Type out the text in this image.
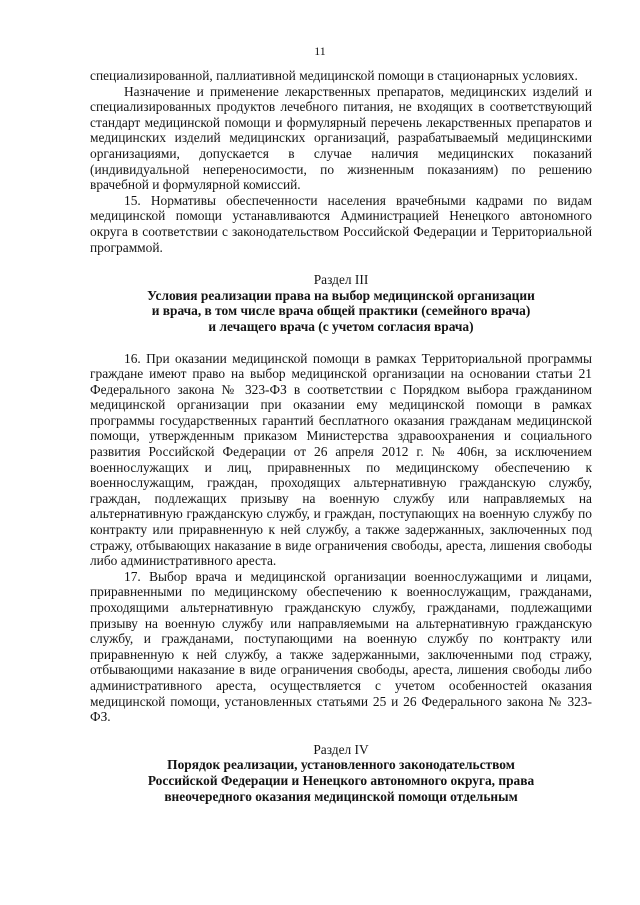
11

специализированной, паллиативной медицинской помощи в стационарных условиях.

Назначение и применение лекарственных препаратов, медицинских изделий и специализированных продуктов лечебного питания, не входящих в соответствующий стандарт медицинской помощи и формулярный перечень лекарственных препаратов и медицинских изделий медицинских организаций, разрабатываемый медицинскими организациями, допускается в случае наличия медицинских показаний (индивидуальной непереносимости, по жизненным показаниям) по решению врачебной и формулярной комиссий.

15. Нормативы обеспеченности населения врачебными кадрами по видам медицинской помощи устанавливаются Администрацией Ненецкого автономного округа в соответствии с законодательством Российской Федерации и Территориальной программой.

Раздел III

Условия реализации права на выбор медицинской организации

и врача, в том числе врача общей практики (семейного врача)

и лечащего врача (с учетом согласия врача)

16. При оказании медицинской помощи в рамках Территориальной программы граждане имеют право на выбор медицинской организации на основании статьи 21 Федерального закона № 323-ФЗ в соответствии с Порядком выбора гражданином медицинской организации при оказании ему медицинской помощи в рамках программы государственных гарантий бесплатного оказания гражданам медицинской помощи, утвержденным приказом Министерства здравоохранения и социального развития Российской Федерации от 26 апреля 2012 г. № 406н, за исключением военнослужащих и лиц, приравненных по медицинскому обеспечению к военнослужащим, граждан, проходящих альтернативную гражданскую службу, граждан, подлежащих призыву на военную службу или направляемых на альтернативную гражданскую службу, и граждан, поступающих на военную службу по контракту или приравненную к ней службу, а также задержанных, заключенных под стражу, отбывающих наказание в виде ограничения свободы, ареста, лишения свободы либо административного ареста.

17. Выбор врача и медицинской организации военнослужащими и лицами, приравненными по медицинскому обеспечению к военнослужащим, гражданами, проходящими альтернативную гражданскую службу, гражданами, подлежащими призыву на военную службу или направляемыми на альтернативную гражданскую службу, и гражданами, поступающими на военную службу по контракту или приравненную к ней службу, а также задержанными, заключенными под стражу, отбывающими наказание в виде ограничения свободы, ареста, лишения свободы либо административного ареста, осуществляется с учетом особенностей оказания медицинской помощи, установленных статьями 25 и 26 Федерального закона № 323-ФЗ.

Раздел IV

Порядок реализации, установленного законодательством

Российской Федерации и Ненецкого автономного округа, права

внеочередного оказания медицинской помощи отдельным
